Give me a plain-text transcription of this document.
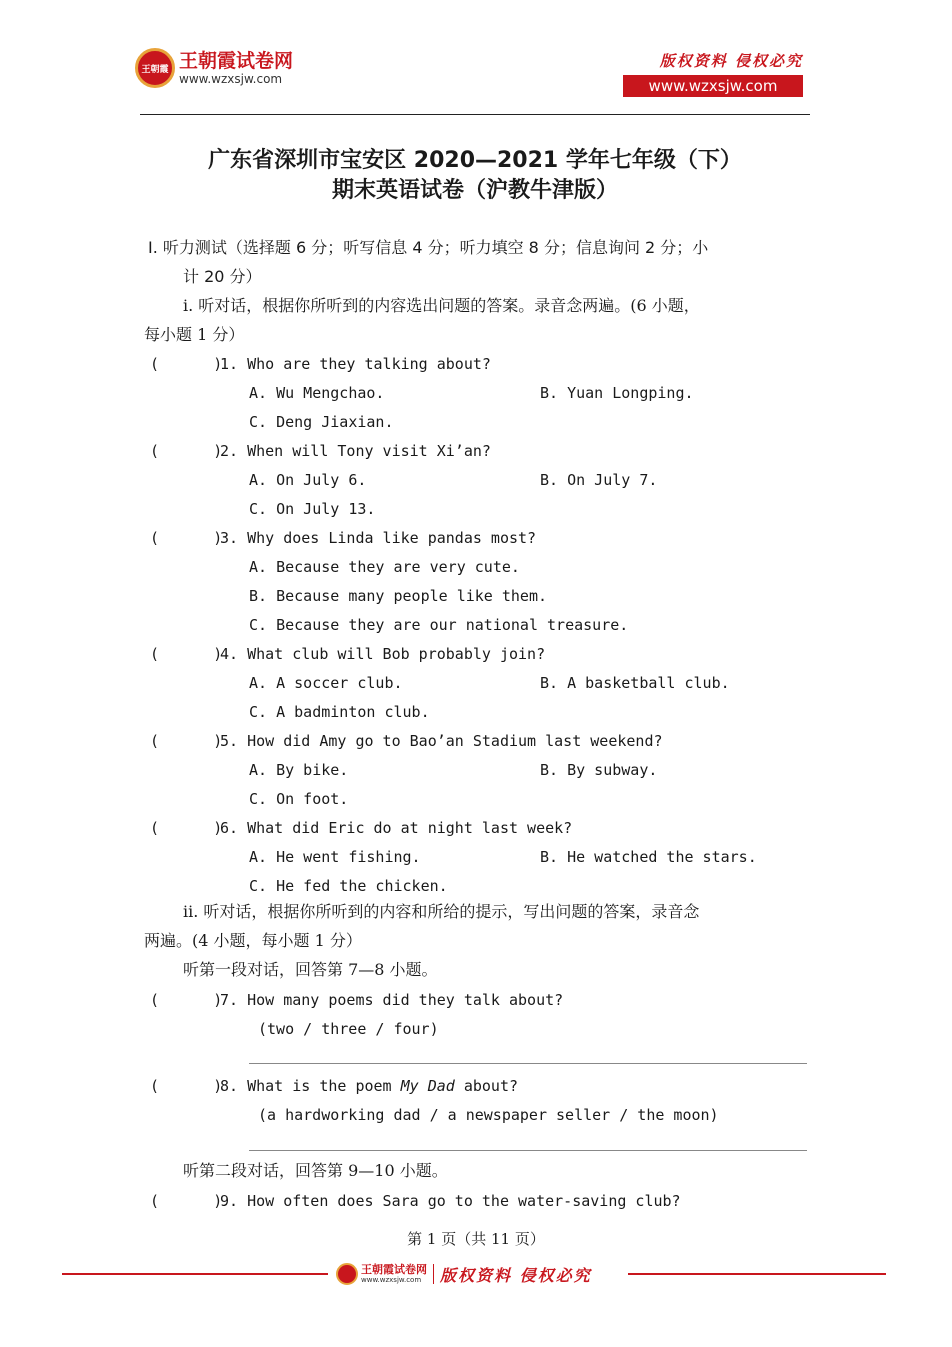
王朝霞 王朝霞试卷网
www.wzxsjw.com
版权资料 侵权必究
www.wzxsjw.com
广东省深圳市宝安区 2020—2021 学年七年级（下）
期末英语试卷（沪教牛津版）
Ⅰ. 听力测试（选择题 6 分；听写信息 4 分；听力填空 8 分；信息询问 2 分；小
计 20 分）
ⅰ. 听对话，根据你所听到的内容选出问题的答案。录音念两遍。(6 小题，
每小题 1 分）
(      )
1. Who are they talking about?
A. Wu Mengchao.	B. Yuan Longping.
C. Deng Jiaxian.
(      )
2. When will Tony visit Xi’an?
A. On July 6.	B. On July 7.
C. On July 13.
(      )
3. Why does Linda like pandas most?
A. Because they are very cute.
B. Because many people like them.
C. Because they are our national treasure.
(      )
4. What club will Bob probably join?
A. A soccer club.	B. A basketball club.
C. A badminton club.
(      )
5. How did Amy go to Bao’an Stadium last weekend?
A. By bike.	B. By subway.
C. On foot.
(      )
6. What did Eric do at night last week?
A. He went fishing.	B. He watched the stars.
C. He fed the chicken.
ⅱ. 听对话，根据你所听到的内容和所给的提示，写出问题的答案，录音念
两遍。(4 小题，每小题 1 分）
听第一段对话，回答第 7—8 小题。
(      )
7. How many poems did they talk about?
(two / three / four)
(      )
8. What is the poem My Dad about?
(a hardworking dad / a newspaper seller / the moon)
听第二段对话，回答第 9—10 小题。
(      )
9. How often does Sara go to the water-saving club?
第 1 页（共 11 页）
王朝霞试卷网
www.wzxsjw.com	版权资料 侵权必究
